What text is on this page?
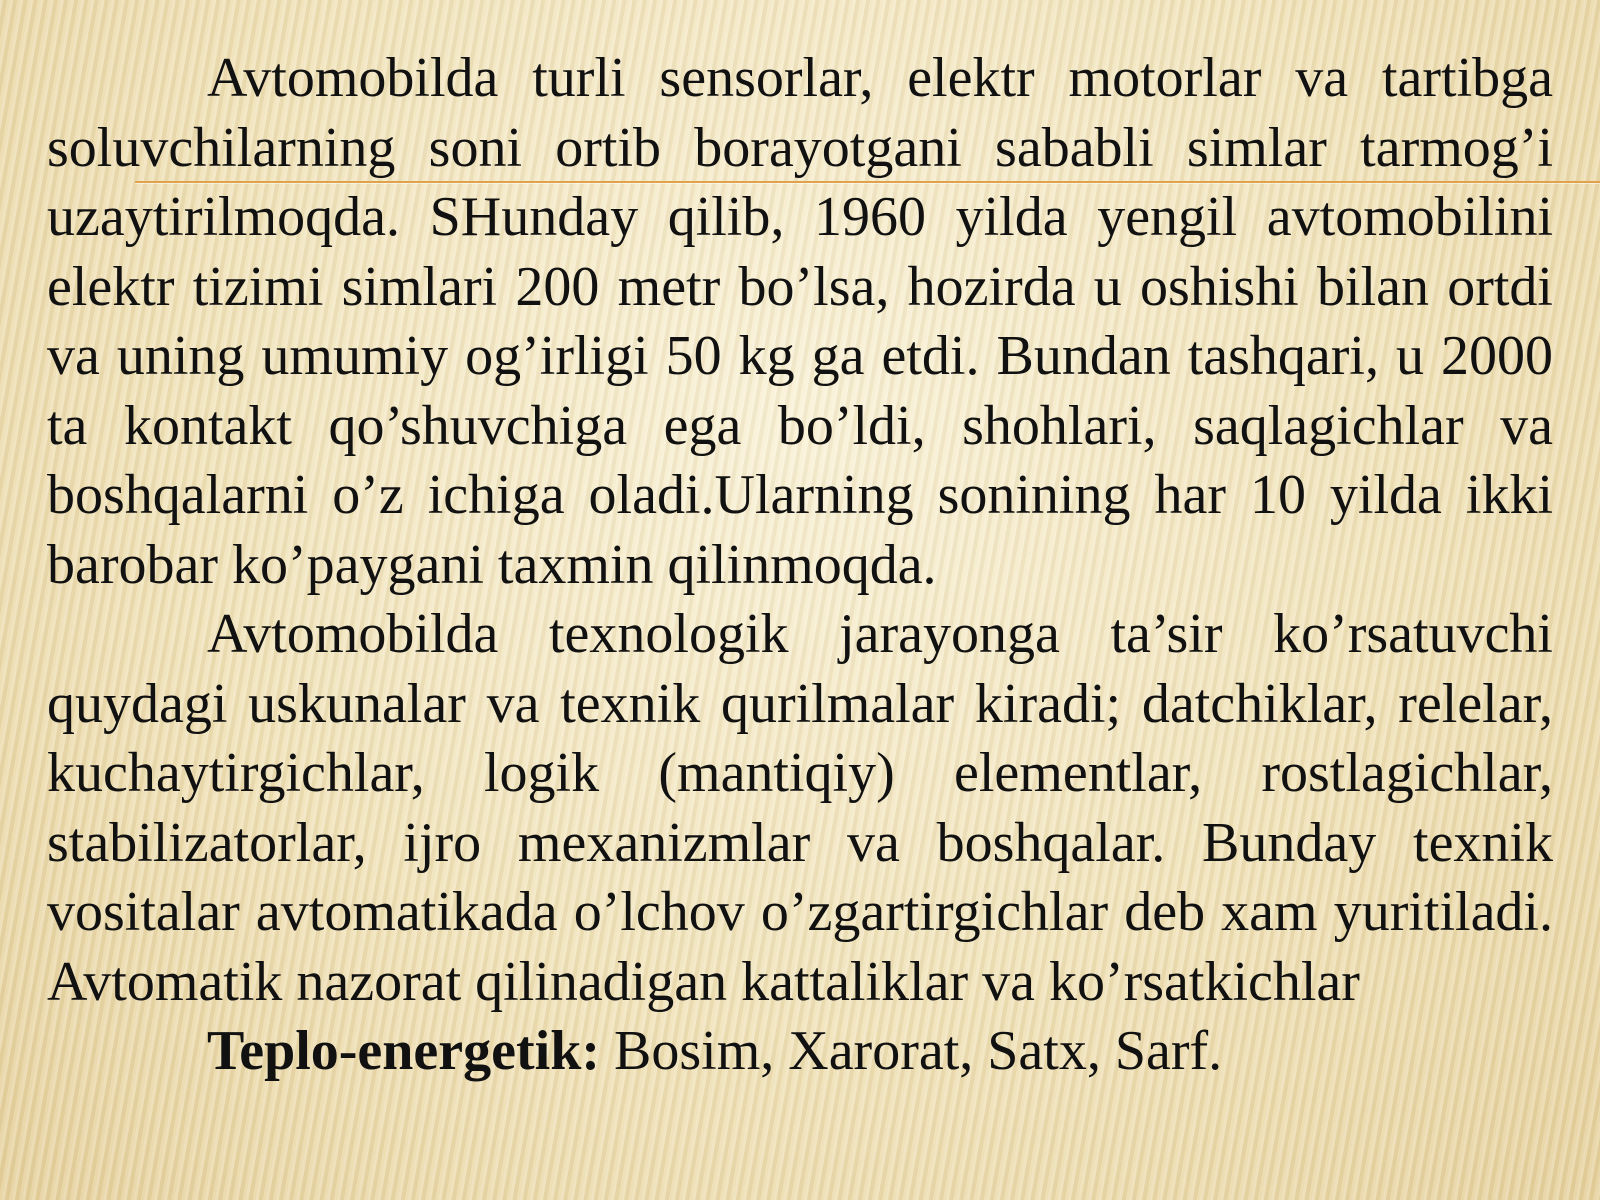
Avtomobilda turli sensorlar, elektr motorlar va tartibga soluvchilarning soni ortib borayotgani sababli simlar tarmog’i uzaytirilmoqda. SHunday qilib, 1960 yilda yengil avtomobilini elektr tizimi simlari 200 metr bo’lsa, hozirda u oshishi bilan ortdi va uning umumiy og’irligi 50 kg ga etdi. Bundan tashqari, u 2000 ta kontakt qo’shuvchiga ega bo’ldi, shohlari, saqlagichlar va boshqalarni o’z ichiga oladi.Ularning sonining har 10 yilda ikki barobar ko’paygani taxmin qilinmoqda.

Avtomobilda texnologik jarayonga ta’sir ko’rsatuvchi quydagi uskunalar va texnik qurilmalar kiradi; datchiklar, relelar, kuchaytirgichlar, logik (mantiqiy) elementlar, rostlagichlar, stabilizatorlar, ijro mexanizmlar va boshqalar. Bunday texnik vositalar avtomatikada o’lchov o’zgartirgichlar deb xam yuritiladi. Avtomatik nazorat qilinadigan kattaliklar va ko’rsatkichlar

Teplo-energetik: Bosim, Xarorat, Satx, Sarf.
